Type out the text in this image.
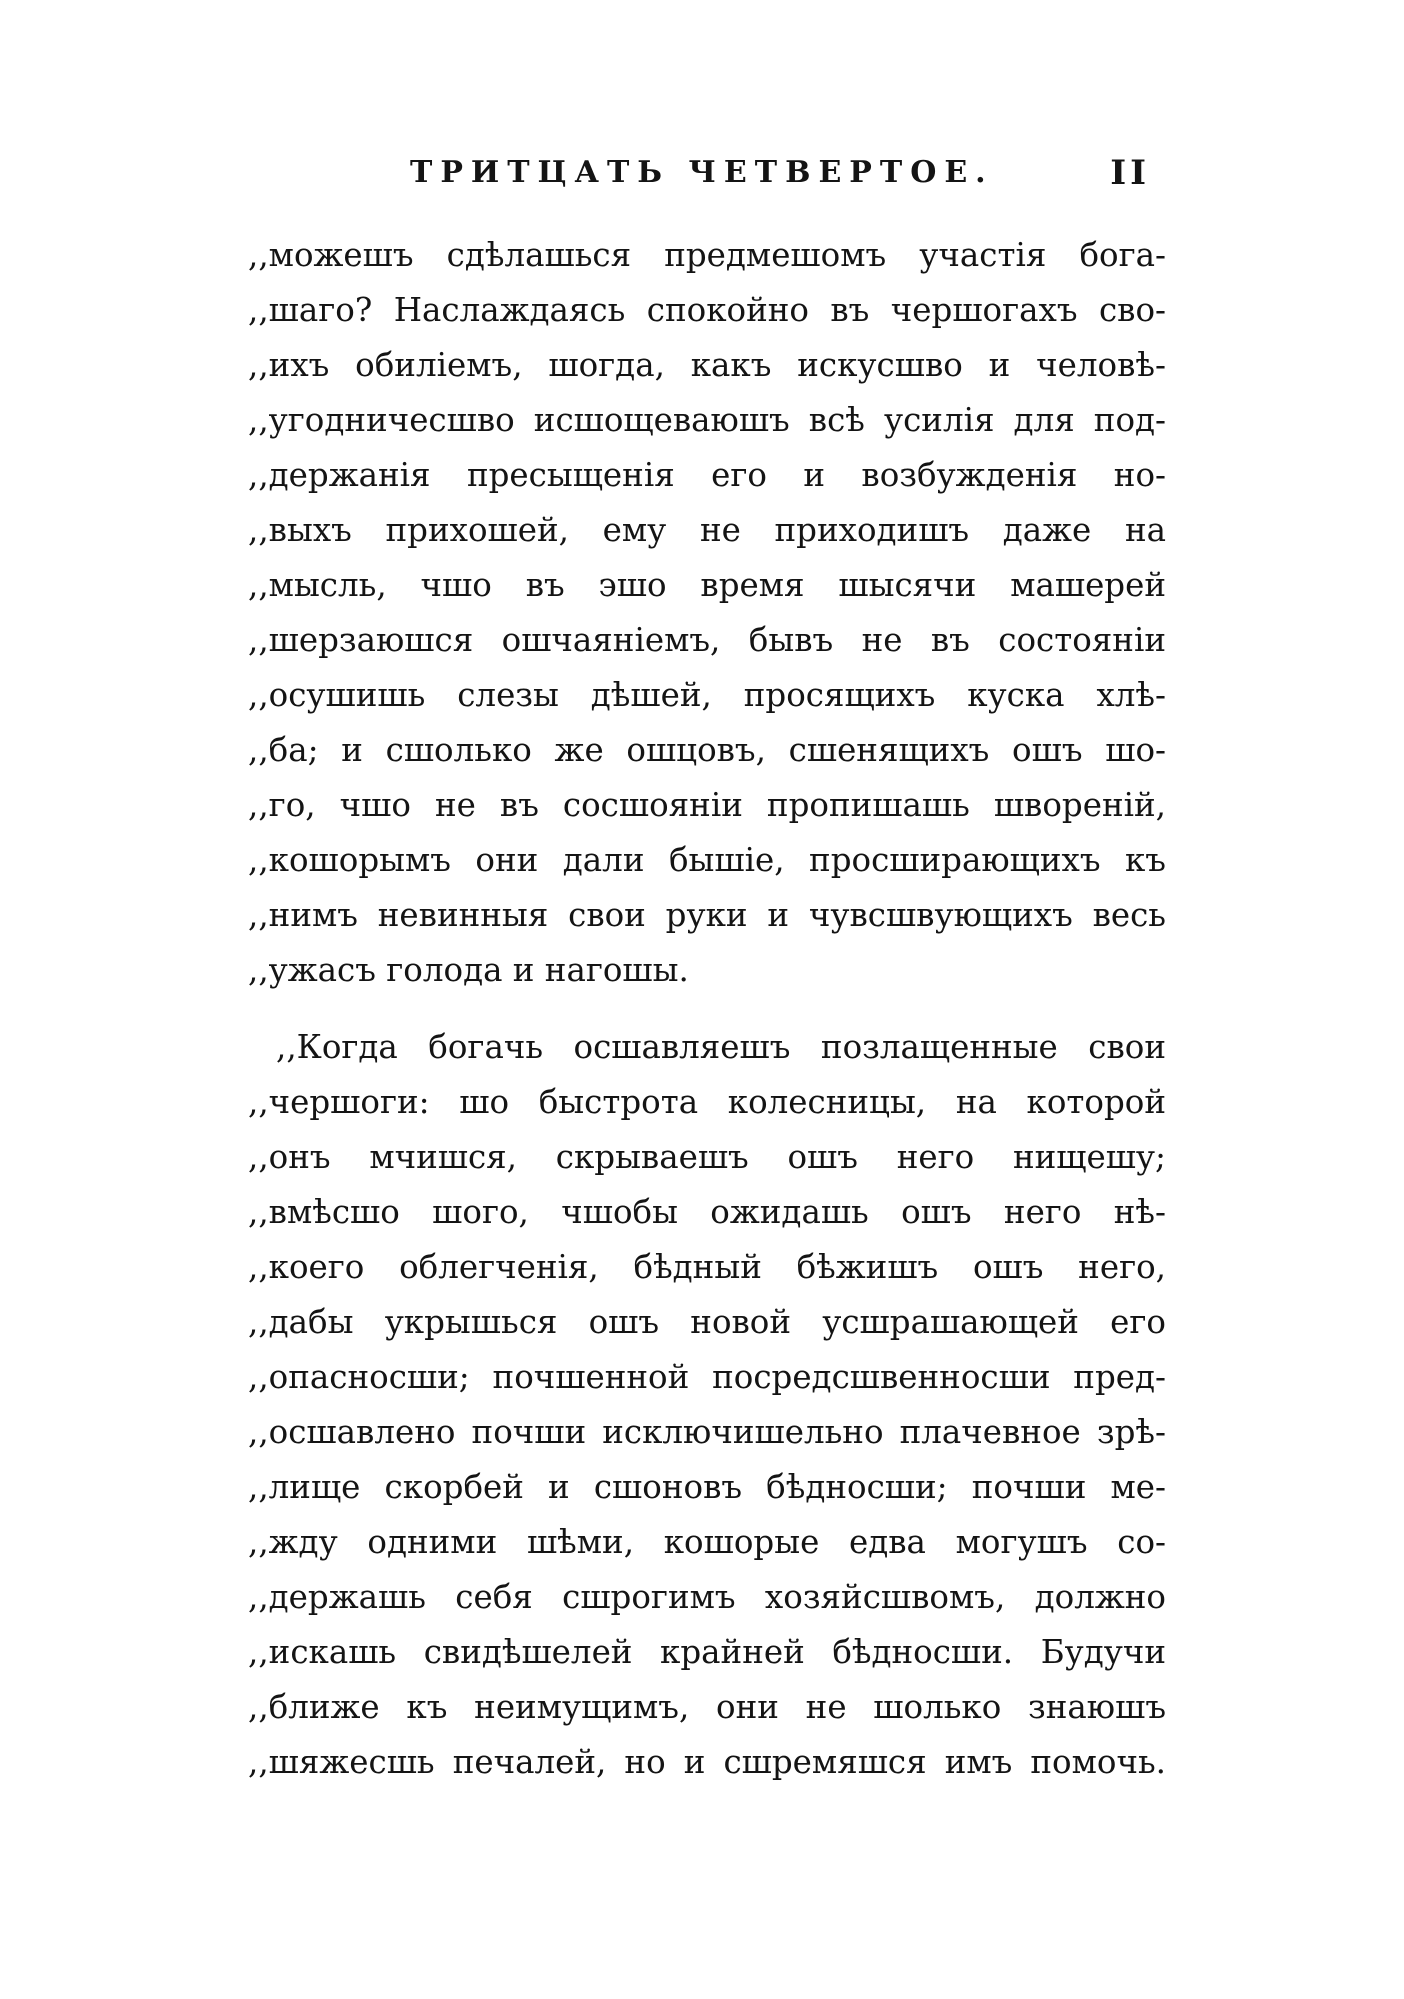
ТРИТЦАТЬ ЧЕТВЕРТОЕ.	II
,,можешъ сдѣлашься предмешомъ участія бога-
,,шаго? Наслаждаясь спокойно въ чершогахъ сво-
,,ихъ обиліемъ, шогда, какъ искусшво и человѣ-
,,угодничесшво исшощеваюшъ всѣ усилія для под-
,,держанія пресыщенія его и возбужденія но-
,,выхъ прихошей, ему не приходишъ даже на
,,мысль, чшо въ эшо время шысячи машерей
,,шерзаюшся ошчаяніемъ, бывъ не въ состояніи
,,осушишь слезы дѣшей, просящихъ куска хлѣ-
,,ба; и сшолько же ошцовъ, сшенящихъ ошъ шо-
,,го, чшо не въ сосшояніи пропишашь швореній,
,,кошорымъ они дали бышіе, просширающихъ къ
,,нимъ невинныя свои руки и чувсшвующихъ весь
,,ужасъ голода и нагошы.
,,Когда богачь осшавляешъ позлащенные свои
,,чершоги: шо быстрота колесницы, на которой
,,онъ мчишся, скрываешъ ошъ него нищешу;
,,вмѣсшо шого, чшобы ожидашь ошъ него нѣ-
,,коего облегченія, бѣдный бѣжишъ ошъ него,
,,дабы укрышься ошъ новой усшрашающей его
,,опасносши; почшенной посредсшвенносши пред-
,,осшавлено почши исключишельно плачевное зрѣ-
,,лище скорбей и сшоновъ бѣдносши; почши ме-
,,жду одними шѣми, кошорые едва могушъ со-
,,держашь себя сшрогимъ хозяйсшвомъ, должно
,,искашь свидѣшелей крайней бѣдносши. Будучи
,,ближе къ неимущимъ, они не шолько знаюшъ
,,шяжесшь печалей, но и сшремяшся имъ помочь.
